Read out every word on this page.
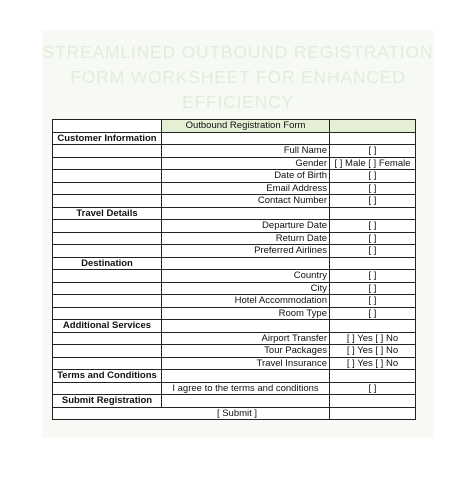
STREAMLINED OUTBOUND REGISTRATION FORM WORKSHEET FOR ENHANCED EFFICIENCY
	Outbound Registration Form	
Customer Information		
	Full Name	[ ]
	Gender	[ ] Male [ ] Female
	Date of Birth	[ ]
	Email Address	[ ]
	Contact Number	[ ]
Travel Details		
	Departure Date	[ ]
	Return Date	[ ]
	Preferred Airlines	[ ]
Destination		
	Country	[ ]
	City	[ ]
	Hotel Accommodation	[ ]
	Room Type	[ ]
Additional Services		
	Airport Transfer	[ ] Yes [ ] No
	Tour Packages	[ ] Yes [ ] No
	Travel Insurance	[ ] Yes [ ] No
Terms and Conditions		
	I agree to the terms and conditions	[ ]
Submit Registration		
[ Submit ]		
